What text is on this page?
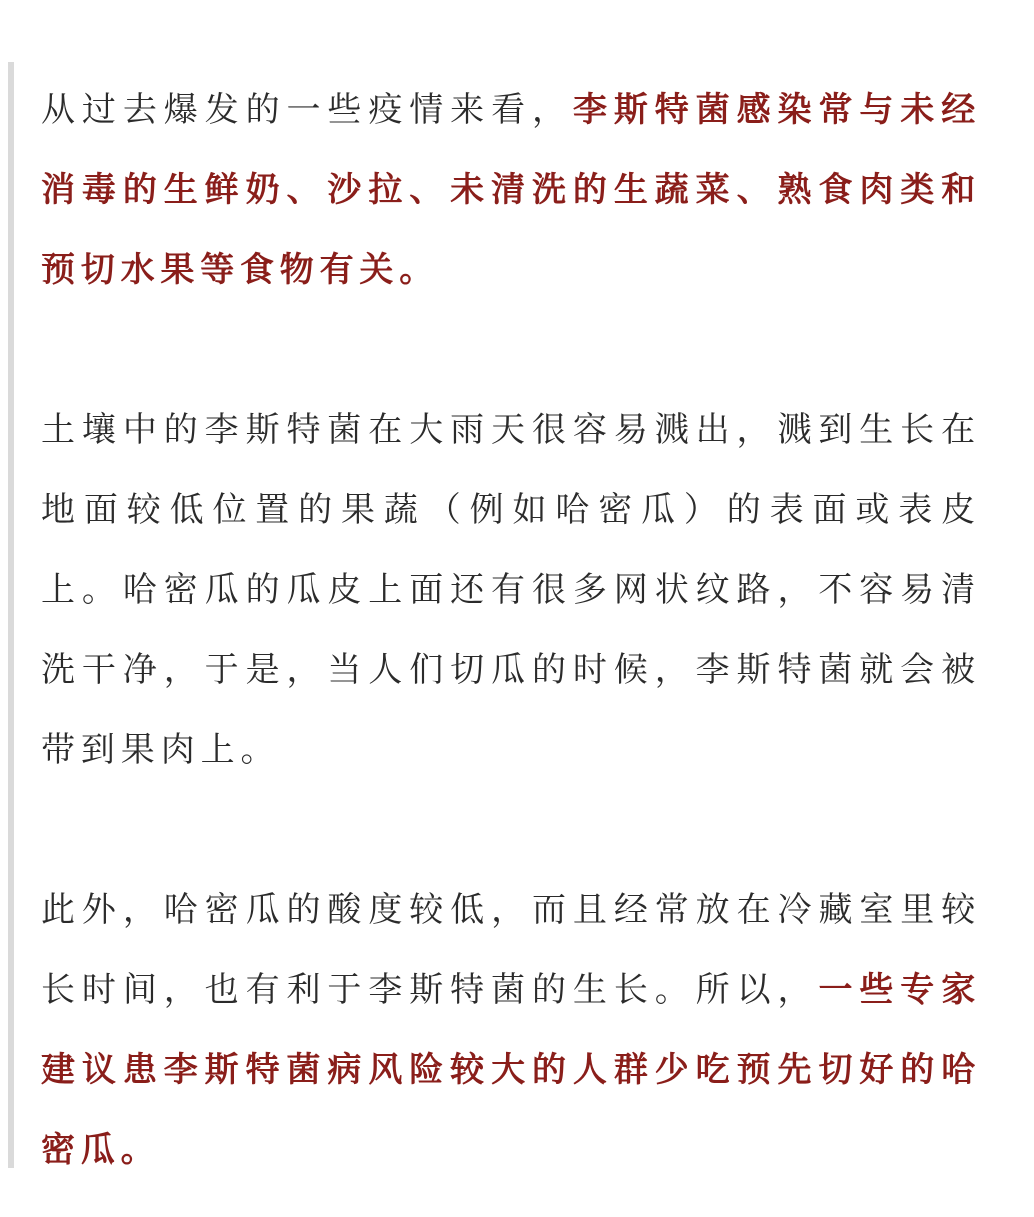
从过去爆发的一些疫情来看，李斯特菌感染常与未经消毒的生鲜奶、沙拉、未清洗的生蔬菜、熟食肉类和预切水果等食物有关。

土壤中的李斯特菌在大雨天很容易溅出，溅到生长在地面较低位置的果蔬（例如哈密瓜）的表面或表皮上。哈密瓜的瓜皮上面还有很多网状纹路，不容易清洗干净，于是，当人们切瓜的时候，李斯特菌就会被带到果肉上。

此外，哈密瓜的酸度较低，而且经常放在冷藏室里较长时间，也有利于李斯特菌的生长。所以，一些专家建议患李斯特菌病风险较大的人群少吃预先切好的哈密瓜。
